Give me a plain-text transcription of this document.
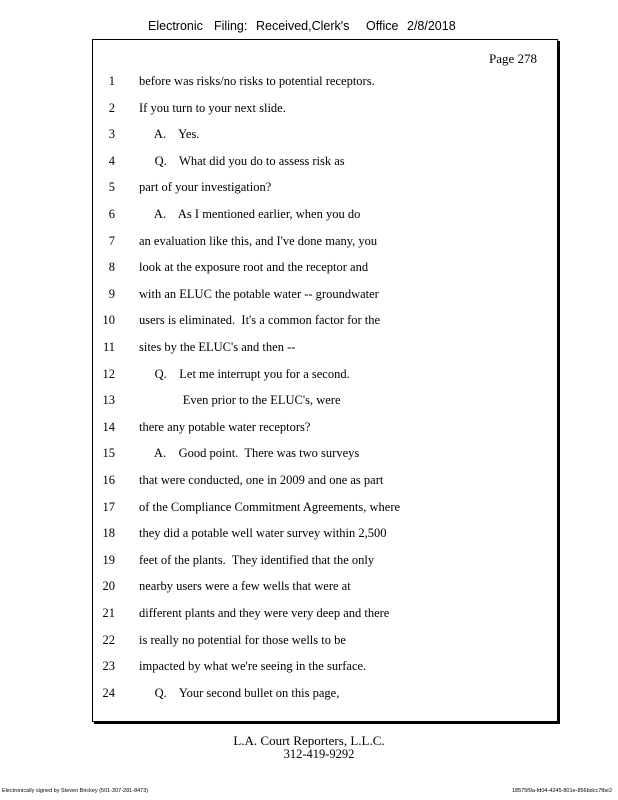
Electronic Filing: Received,Clerk's Office 2/8/2018
Page 278
1 before was risks/no risks to potential receptors.
2 If you turn to your next slide.
3 A.    Yes.
4 Q.    What did you do to assess risk as
5 part of your investigation?
6 A.    As I mentioned earlier, when you do
7 an evaluation like this, and I've done many, you
8 look at the exposure root and the receptor and
9 with an ELUC the potable water -- groundwater
10 users is eliminated.  It's a common factor for the
11 sites by the ELUC's and then --
12 Q.    Let me interrupt you for a second.
13 Even prior to the ELUC's, were
14 there any potable water receptors?
15 A.    Good point.  There was two surveys
16 that were conducted, one in 2009 and one as part
17 of the Compliance Commitment Agreements, where
18 they did a potable well water survey within 2,500
19 feet of the plants.  They identified that the only
20 nearby users were a few wells that were at
21 different plants and they were very deep and there
22 is really no potential for those wells to be
23 impacted by what we're seeing in the surface.
24 Q.    Your second bullet on this page,
L.A. Court Reporters, L.L.C.
312-419-9292
Electronically signed by Steven Brickey (501-307-281-8473)	18575f9a-fd04-4245-801e-856bdcc7fbe2
